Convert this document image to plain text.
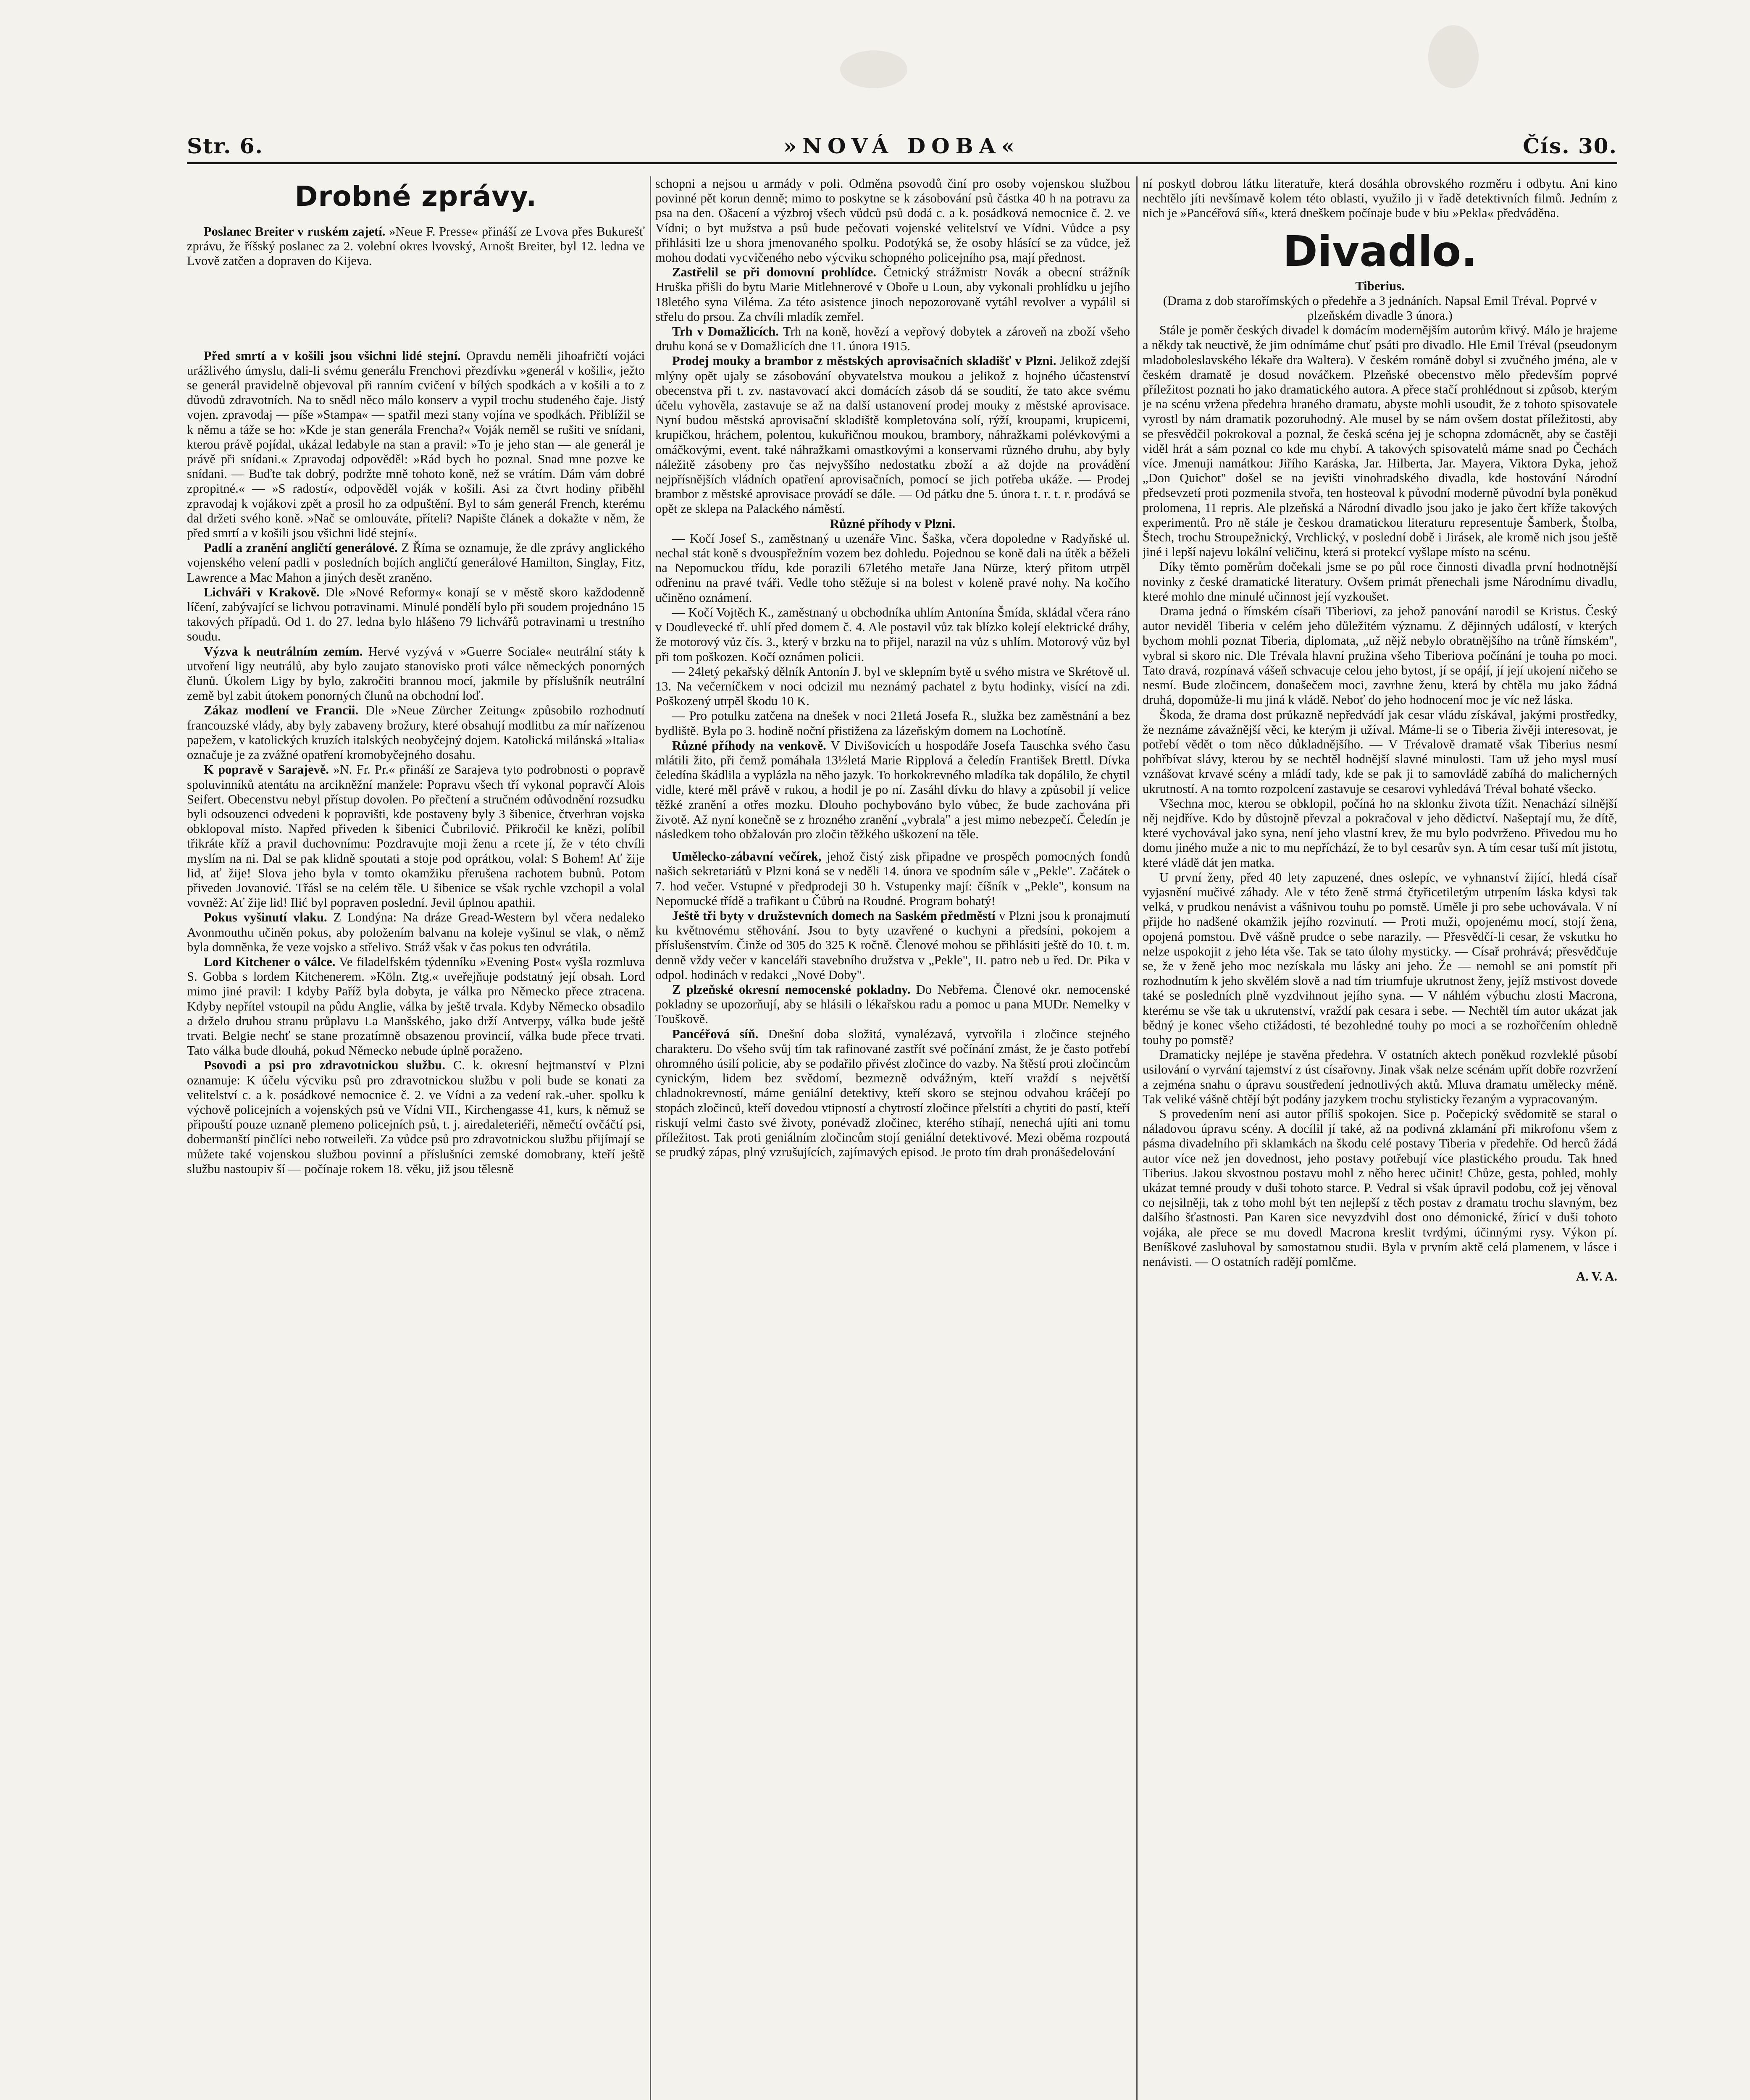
Str. 6.	»NOVÁ DOBA«	Čís. 30.
Drobné zprávy.

Poslanec Breiter v ruském zajetí. »Neue F. Presse« přináší ze Lvova přes Bukurešť zprávu, že říšský poslanec za 2. volební okres lvovský, Arnošt Breiter, byl 12. ledna ve Lvově zatčen a dopraven do Kijeva.

Před smrtí a v košili jsou všichni lidé stejní. Opravdu neměli jihoafričtí vojáci urážlivého úmyslu, dali-li svému generálu Frenchovi přezdívku »generál v košili«, ježto se generál pravidelně objevoval při ranním cvičení v bílých spodkách a v košili a to z důvodů zdravotních. Na to snědl něco málo konserv a vypil trochu studeného čaje. Jistý vojen. zpravodaj — píše »Stampa« — spatřil mezi stany vojína ve spodkách. Přiblížil se k němu a táže se ho: »Kde je stan generála Frencha?« Voják neměl se rušiti ve snídani, kterou právě pojídal, ukázal ledabyle na stan a pravil: »To je jeho stan — ale generál je právě při snídani.« Zpravodaj odpověděl: »Rád bych ho poznal. Snad mne pozve ke snídani. — Buďte tak dobrý, podržte mně tohoto koně, než se vrátím. Dám vám dobré zpropitné.« — »S radostí«, odpověděl voják v košili. Asi za čtvrt hodiny přiběhl zpravodaj k vojákovi zpět a prosil ho za odpuštění. Byl to sám generál French, kterému dal držeti svého koně. »Nač se omlouváte, příteli? Napište článek a dokažte v něm, že před smrtí a v košili jsou všichni lidé stejní«.

Padlí a zranění angličtí generálové. Z Říma se oznamuje, že dle zprávy anglického vojenského velení padli v posledních bojích angličtí generálové Hamilton, Singlay, Fitz, Lawrence a Mac Mahon a jiných desět zraněno.

Lichváři v Krakově. Dle »Nové Reformy« konají se v městě skoro každodenně líčení, zabývající se lichvou potravinami. Minulé pondělí bylo při soudem projednáno 15 takových případů. Od 1. do 27. ledna bylo hlášeno 79 lichvářů potravinami u trestního soudu.

Výzva k neutrálním zemím. Hervé vyzývá v »Guerre Sociale« neutrální státy k utvoření ligy neutrálů, aby bylo zaujato stanovisko proti válce německých ponorných člunů. Úkolem Ligy by bylo, zakročiti brannou mocí, jakmile by příslušník neutrální země byl zabit útokem ponorných člunů na obchodní loď.

Zákaz modlení ve Francii. Dle »Neue Zürcher Zeitung« způsobilo rozhodnutí francouzské vlády, aby byly zabaveny brožury, které obsahují modlitbu za mír nařízenou papežem, v katolických kruzích italských neobyčejný dojem. Katolická milánská »Italia« označuje je za zvážné opatření kromobyčejného dosahu.

K popravě v Sarajevě. »N. Fr. Pr.« přináší ze Sarajeva tyto podrobnosti o popravě spoluvinníků atentátu na arcikněžní manžele: Popravu všech tří vykonal popravčí Alois Seifert. Obecenstvu nebyl přístup dovolen. Po přečtení a stručném odůvodnění rozsudku byli odsouzenci odvedeni k popravišti, kde postaveny byly 3 šibenice, čtverhran vojska obklopoval místo. Napřed přiveden k šibenici Čubrilović. Přikročil ke knězi, políbil třikráte kříž a pravil duchovnímu: Pozdravujte moji ženu a rcete jí, že v této chvíli myslím na ni. Dal se pak klidně spoutati a stoje pod oprátkou, volal: S Bohem! Ať žije lid, ať žije! Slova jeho byla v tomto okamžiku přerušena rachotem bubnů. Potom přiveden Jovanović. Třásl se na celém těle. U šibenice se však rychle vzchopil a volal vovněž: Ať žije lid! Ilić byl popraven poslední. Jevil úplnou apathii.

Pokus vyšinutí vlaku. Z Londýna: Na dráze Gread-Western byl včera nedaleko Avonmouthu učiněn pokus, aby položením balvanu na koleje vyšinul se vlak, o němž byla domněnka, že veze vojsko a střelivo. Stráž však v čas pokus ten odvrátila.

Lord Kitchener o válce. Ve filadelfském týdenníku »Evening Post« vyšla rozmluva S. Gobba s lordem Kitchenerem. »Köln. Ztg.« uveřejňuje podstatný její obsah. Lord mimo jiné pravil: I kdyby Paříž byla dobyta, je válka pro Německo přece ztracena. Kdyby nepřítel vstoupil na půdu Anglie, válka by ještě trvala. Kdyby Německo obsadilo a drželo druhou stranu průplavu La Manšského, jako drží Antverpy, válka bude ještě trvati. Belgie nechť se stane prozatímně obsazenou provincií, válka bude přece trvati. Tato válka bude dlouhá, pokud Německo nebude úplně poraženo.

Psovodi a psi pro zdravotnickou službu. C. k. okresní hejtmanství v Plzni oznamuje: K účelu výcviku psů pro zdravotnickou službu v poli bude se konati za velitelství c. a k. posádkové nemocnice č. 2. ve Vídni a za vedení rak.-uher. spolku k výchově policejních a vojenských psů ve Vídni VII., Kirchengasse 41, kurs, k němuž se připouští pouze uznaně plemeno policejních psů, t. j. airedaleteriéři, němečtí ovčáčtí psi, dobermanští pinčlíci nebo rotweileři. Za vůdce psů pro zdravotnickou službu přijímají se můžete také vojenskou službou povinní a příslušníci zemské domobrany, kteří ještě službu nastoupiv ší — počínaje rokem 18. věku, již jsou tělesně

schopni a nejsou u armády v poli. Odměna psovodů činí pro osoby vojenskou službou povinné pět korun denně; mimo to poskytne se k zásobování psů částka 40 h na potravu za psa na den. Ošacení a výzbroj všech vůdců psů dodá c. a k. posádková nemocnice č. 2. ve Vídni; o byt mužstva a psů bude pečovati vojenské velitelství ve Vídni. Vůdce a psy přihlásiti lze u shora jmenovaného spolku. Podotýká se, že osoby hlásící se za vůdce, jež mohou dodati vycvičeného nebo výcviku schopného policejního psa, mají přednost.

Zastřelil se při domovní prohlídce. Četnický strážmistr Novák a obecní strážník Hruška přišli do bytu Marie Mitlehnerové v Oboře u Loun, aby vykonali prohlídku u jejího 18letého syna Viléma. Za této asistence jinoch nepozorovaně vytáhl revolver a vypálil si střelu do prsou. Za chvíli mladík zemřel.

Trh v Domažlicích. Trh na koně, hovězí a vepřový dobytek a zároveň na zboží všeho druhu koná se v Domažlicích dne 11. února 1915.

Prodej mouky a brambor z městských aprovisačních skladišť v Plzni. Jelikož zdejší mlýny opět ujaly se zásobování obyvatelstva moukou a jelikož z hojného účastenství obecenstva při t. zv. nastavovací akci domácích zásob dá se soudití, že tato akce svému účelu vyhověla, zastavuje se až na další ustanovení prodej mouky z městské aprovisace. Nyní budou městská aprovisační skladiště kompletována solí, rýží, kroupami, krupicemi, krupičkou, hráchem, polentou, kukuřičnou moukou, brambory, náhražkami polévkovými a omáčkovými, event. také náhražkami omastkovými a konservami různého druhu, aby byly náležitě zásobeny pro čas nejvyššího nedostatku zboží a až dojde na provádění nejpřísnějších vládních opatření aprovisačních, pomocí se jich potřeba ukáže. — Prodej brambor z městské aprovisace provádí se dále. — Od pátku dne 5. února t. r. t. r. prodává se opět ze sklepa na Palackého náměstí.

Různé příhody v Plzni.

— Kočí Josef S., zaměstnaný u uzenáře Vinc. Šaška, včera dopoledne v Radyňské ul. nechal stát koně s dvouspřežním vozem bez dohledu. Pojednou se koně dali na útěk a běželi na Nepomuckou třídu, kde porazili 67letého metaře Jana Nürze, který přitom utrpěl odřeninu na pravé tváři. Vedle toho stěžuje si na bolest v koleně pravé nohy. Na kočího učiněno oznámení.

— Kočí Vojtěch K., zaměstnaný u obchodníka uhlím Antonína Šmída, skládal včera ráno v Doudlevecké tř. uhlí před domem č. 4. Ale postavil vůz tak blízko kolejí elektrické dráhy, že motorový vůz čís. 3., který v brzku na to přijel, narazil na vůz s uhlím. Motorový vůz byl při tom poškozen. Kočí oznámen policii.

— 24letý pekařský dělník Antonín J. byl ve sklepním bytě u svého mistra ve Skrétově ul. 13. Na večerníčkem v noci odcizil mu neznámý pachatel z bytu hodinky, visící na zdi. Poškozený utrpěl škodu 10 K.

— Pro potulku zatčena na dnešek v noci 21letá Josefa R., služka bez zaměstnání a bez bydliště. Byla po 3. hodině noční přistižena za lázeňským domem na Lochotíně.

Různé příhody na venkově. V Divišovicích u hospodáře Josefa Tauschka svého času mlátili žito, při čemž pomáhala 13½letá Marie Ripplová a čeledín František Brettl. Dívka čeledína škádlila a vyplázla na něho jazyk. To horkokrevného mladíka tak dopálilo, že chytil vidle, které měl právě v rukou, a hodil je po ní. Zasáhl dívku do hlavy a způsobil jí velice těžké zranění a otřes mozku. Dlouho pochybováno bylo vůbec, že bude zachována při životě. Až nyní konečně se z hrozného zranění „vybrala" a jest mimo nebezpečí. Čeledín je následkem toho obžalován pro zločin těžkého uškození na těle.

Umělecko-zábavní večírek, jehož čistý zisk připadne ve prospěch pomocných fondů našich sekretariátů v Plzni koná se v neděli 14. února ve spodním sále v „Pekle". Začátek o 7. hod večer. Vstupné v předprodeji 30 h. Vstupenky mají: číšník v „Pekle", konsum na Nepomucké třídě a trafikant u Čůbrů na Roudné. Program bohatý!

Ještě tři byty v družstevních domech na Saském předměstí v Plzni jsou k pronajmutí ku květnovému stěhování. Jsou to byty uzavřené o kuchyni a předsíni, pokojem a příslušenstvím. Činže od 305 do 325 K ročně. Členové mohou se přihlásiti ještě do 10. t. m. denně vždy večer v kanceláři stavebního družstva v „Pekle", II. patro neb u řed. Dr. Pika v odpol. hodinách v redakci „Nové Doby".

Z plzeňské okresní nemocenské pokladny. Do Nebřema. Členové okr. nemocenské pokladny se upozorňují, aby se hlásili o lékařskou radu a pomoc u pana MUDr. Nemelky v Touškově.

Pancéřová síň. Dnešní doba složitá, vynalézavá, vytvořila i zločince stejného charakteru. Do všeho svůj tím tak rafinované zastřít své počínání zmást, že je často potřebí ohromného úsilí policie, aby se podařilo přivést zločince do vazby. Na štěstí proti zločincům cynickým, lidem bez svědomí, bezmezně odvážným, kteří vraždí s největší chladnokrevností, máme geniální detektivy, kteří skoro se stejnou odvahou kráčejí po stopách zločinců, kteří dovedou vtipností a chytrostí zločince přelstíti a chytiti do pastí, kteří riskují velmi často své životy, ponévadž zločinec, kterého stíhají, nenechá ujíti ani tomu příležitost. Tak proti geniálním zločincům stojí geniální detektivové. Mezi oběma rozpoutá se prudký zápas, plný vzrušujících, zajímavých episod. Je proto tím drah pronášedelování

ní poskytl dobrou látku literatuře, která dosáhla obrovského rozměru i odbytu. Ani kino nechtělo jíti nevšímavě kolem této oblasti, využilo ji v řadě detektivních filmů. Jedním z nich je »Pancéřová síň«, která dneškem počínaje bude v biu »Pekla« předváděna.

Divadlo.

Tiberius.

(Drama z dob starořímských o předehře a 3 jednáních. Napsal Emil Tréval. Poprvé v plzeňském divadle 3 února.)

Stále je poměr českých divadel k domácím modernějším autorům křivý. Málo je hrajeme a někdy tak neuctivě, že jim odnímáme chuť psáti pro divadlo. Hle Emil Tréval (pseudonym mladoboleslavského lékaře dra Waltera). V českém románě dobyl si zvučného jména, ale v českém dramatě je dosud nováčkem. Plzeňské obecenstvo mělo především poprvé příležitost poznati ho jako dramatického autora. A přece stačí prohlédnout si způsob, kterým je na scénu vržena předehra hraného dramatu, abyste mohli usoudit, že z tohoto spisovatele vyrostl by nám dramatik pozoruhodný. Ale musel by se nám ovšem dostat příležitosti, aby se přesvědčil pokrokoval a poznal, že česká scéna jej je schopna zdomácnět, aby se častěji viděl hrát a sám poznal co kde mu chybí. A takových spisovatelů máme snad po Čechách více. Jmenuji namátkou: Jiřího Karáska, Jar. Hilberta, Jar. Mayera, Viktora Dyka, jehož „Don Quichot" došel se na jevišti vinohradského divadla, kde hostování Národní předsevzetí proti pozmenila stvořa, ten hosteoval k původní moderně původní byla poněkud prolomena, 11 repris. Ale plzeňská a Národní divadlo jsou jako je jako čert kříže takových experimentů. Pro ně stále je českou dramatickou literaturu representuje Šamberk, Štolba, Štech, trochu Stroupežnický, Vrchlický, v poslední době i Jirásek, ale kromě nich jsou ještě jiné i lepší najevu lokální veličinu, která si protekcí vyšlape místo na scénu.

Díky těmto poměrům dočekali jsme se po půl roce činnosti divadla první hodnotnější novinky z české dramatické literatury. Ovšem primát přenechali jsme Národnímu divadlu, které mohlo dne minulé učinnost její vyzkoušet.

Drama jedná o římském císaři Tiberiovi, za jehož panování narodil se Kristus. Český autor neviděl Tiberia v celém jeho důležitém významu. Z dějinných událostí, v kterých bychom mohli poznat Tiberia, diplomata, „už nějž nebylo obratnějšího na trůně římském", vybral si skoro nic. Dle Trévala hlavní pružina všeho Tiberiova počínání je touha po moci. Tato dravá, rozpínavá vášeň schvacuje celou jeho bytost, jí se opájí, jí její ukojení ničeho se nesmí. Bude zločincem, donašečem moci, zavrhne ženu, která by chtěla mu jako žádná druhá, dopomůže-li mu jiná k vládě. Neboť do jeho hodnocení moc je víc než láska.

Škoda, že drama dost průkazně nepředvádí jak cesar vládu získával, jakými prostředky, že neznáme závažnější věci, ke kterým ji užíval. Máme-li se o Tiberia živěji interesovat, je potřebí vědět o tom něco důkladnějšího. — V Trévalově dramatě však Tiberius nesmí pohřbívat slávy, kterou by se nechtěl hodnější slavné minulosti. Tam už jeho mysl musí vznášovat krvavé scény a mládí tady, kde se pak ji to samovládě zabíhá do malicherných ukrutností. A na tomto rozpolcení zastavuje se cesarovi vyhledává Tréval bohaté všecko.

Všechna moc, kterou se obklopil, počíná ho na sklonku života tížit. Nenachází silnější něj nejdříve. Kdo by důstojně převzal a pokračoval v jeho dědictví. Našeptají mu, že dítě, které vychovával jako syna, není jeho vlastní krev, že mu bylo podvrženo. Přivedou mu ho domu jiného muže a nic to mu nepříchází, že to byl cesarův syn. A tím cesar tuší mít jistotu, které vládě dát jen matka.

U první ženy, před 40 lety zapuzené, dnes oslepíc, ve vyhnanství žijící, hledá císař vyjasnění mučivé záhady. Ale v této ženě strmá čtyřicetiletým utrpením láska kdysi tak velká, v prudkou nenávist a vášnivou touhu po pomstě. Uměle ji pro sebe uchovávala. V ní přijde ho nadšené okamžik jejího rozvinutí. — Proti muži, opojenému mocí, stojí žena, opojená pomstou. Dvě vášně prudce o sebe narazily. — Přesvědčí-li cesar, že vskutku ho nelze uspokojit z jeho léta vše. Tak se tato úlohy mysticky. — Císař prohrává; přesvědčuje se, že v ženě jeho moc nezískala mu lásky ani jeho. Že — nemohl se ani pomstít při rozhodnutím k jeho skvělém slově a nad tím triumfuje ukrutnost ženy, jejíž mstivost dovede také se posledních plně vyzdvihnout jejího syna. — V náhlém výbuchu zlosti Macrona, kterému se vše tak u ukrutenství, vraždí pak cesara i sebe. — Nechtěl tím autor ukázat jak bědný je konec všeho ctižádosti, té bezohledné touhy po moci a se rozhořčením ohledně touhy po pomstě?

Dramaticky nejlépe je stavěna předehra. V ostatních aktech poněkud rozvleklé působí usilování o vyrvání tajemství z úst císařovny. Jinak však nelze scénám upřít dobře rozvržení a zejména snahu o úpravu soustředení jednotlivých aktů. Mluva dramatu umělecky méně. Tak veliké vášně chtějí být podány jazykem trochu stylisticky řezaným a vypracovaným.

S provedením není asi autor příliš spokojen. Sice p. Počepický svědomitě se staral o náladovou úpravu scény. A docílil jí také, až na podivná zklamání při mikrofonu všem z pásma divadelního při sklamkách na škodu celé postavy Tiberia v předehře. Od herců žádá autor více než jen dovednost, jeho postavy potřebují více plastického proudu. Tak hned Tiberius. Jakou skvostnou postavu mohl z něho herec učinit! Chůze, gesta, pohled, mohly ukázat temné proudy v duši tohoto starce. P. Vedral si však úpravil podobu, což jej věnoval co nejsilněji, tak z toho mohl být ten nejlepší z těch postav z dramatu trochu slavným, bez dalšího šťastnosti. Pan Karen sice nevyzdvihl dost ono démonické, žíricí v duši tohoto vojáka, ale přece se mu dovedl Macrona kreslit tvrdými, účinnými rysy. Výkon pí. Beníškové zasluhoval by samostatnou studii. Byla v prvním aktě celá plamenem, v lásce i nenávisti. — O ostatních radějí pomlčme.

A. V. A.
